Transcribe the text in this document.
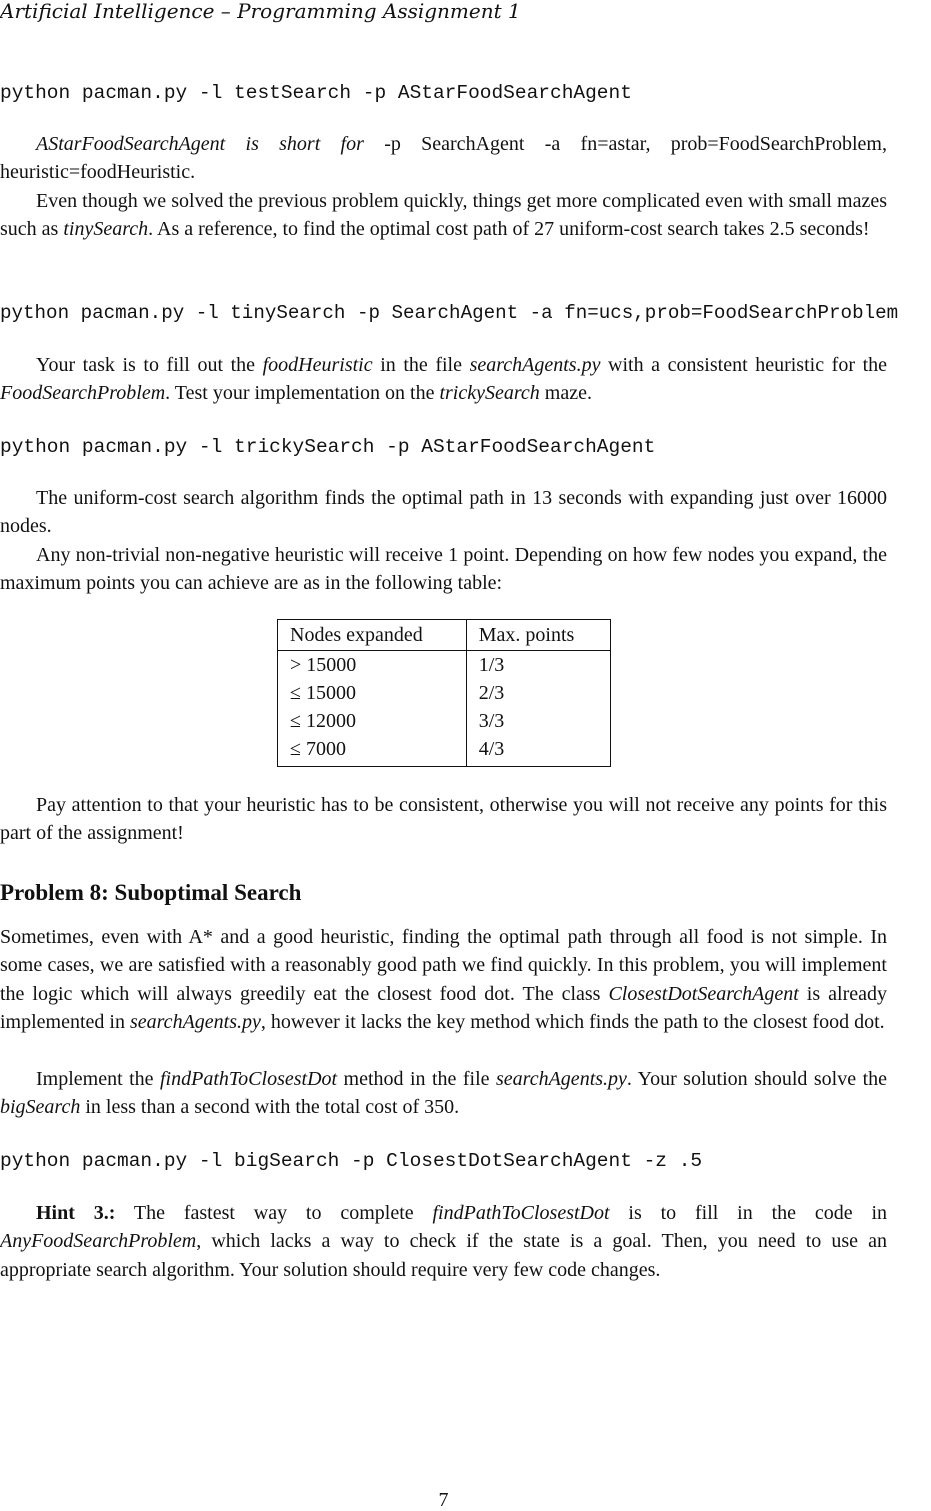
Artificial Intelligence – Programming Assignment 1
python pacman.py -l testSearch -p AStarFoodSearchAgent

AStarFoodSearchAgent is short for -p SearchAgent -a fn=astar, prob=FoodSearchProblem, heuristic=foodHeuristic.

Even though we solved the previous problem quickly, things get more complicated even with small mazes such as tinySearch. As a reference, to find the optimal cost path of 27 uniform-cost search takes 2.5 seconds!

python pacman.py -l tinySearch -p SearchAgent -a fn=ucs,prob=FoodSearchProblem

Your task is to fill out the foodHeuristic in the file searchAgents.py with a consistent heuristic for the FoodSearchProblem. Test your implementation on the trickySearch maze.

python pacman.py -l trickySearch -p AStarFoodSearchAgent

The uniform-cost search algorithm finds the optimal path in 13 seconds with expanding just over 16000 nodes.

Any non-trivial non-negative heuristic will receive 1 point. Depending on how few nodes you expand, the maximum points you can achieve are as in the following table:

Nodes expanded	Max. points
> 15000	1/3
≤ 15000	2/3
≤ 12000	3/3
≤ 7000	4/3

Pay attention to that your heuristic has to be consistent, otherwise you will not receive any points for this part of the assignment!

Problem 8: Suboptimal Search

Sometimes, even with A* and a good heuristic, finding the optimal path through all food is not simple. In some cases, we are satisfied with a reasonably good path we find quickly. In this problem, you will implement the logic which will always greedily eat the closest food dot. The class ClosestDotSearchAgent is already implemented in searchAgents.py, however it lacks the key method which finds the path to the closest food dot.

Implement the findPathToClosestDot method in the file searchAgents.py. Your solution should solve the bigSearch in less than a second with the total cost of 350.

python pacman.py -l bigSearch -p ClosestDotSearchAgent -z .5

Hint 3.: The fastest way to complete findPathToClosestDot is to fill in the code in AnyFoodSearchProblem, which lacks a way to check if the state is a goal. Then, you need to use an appropriate search algorithm. Your solution should require very few code changes.

7
